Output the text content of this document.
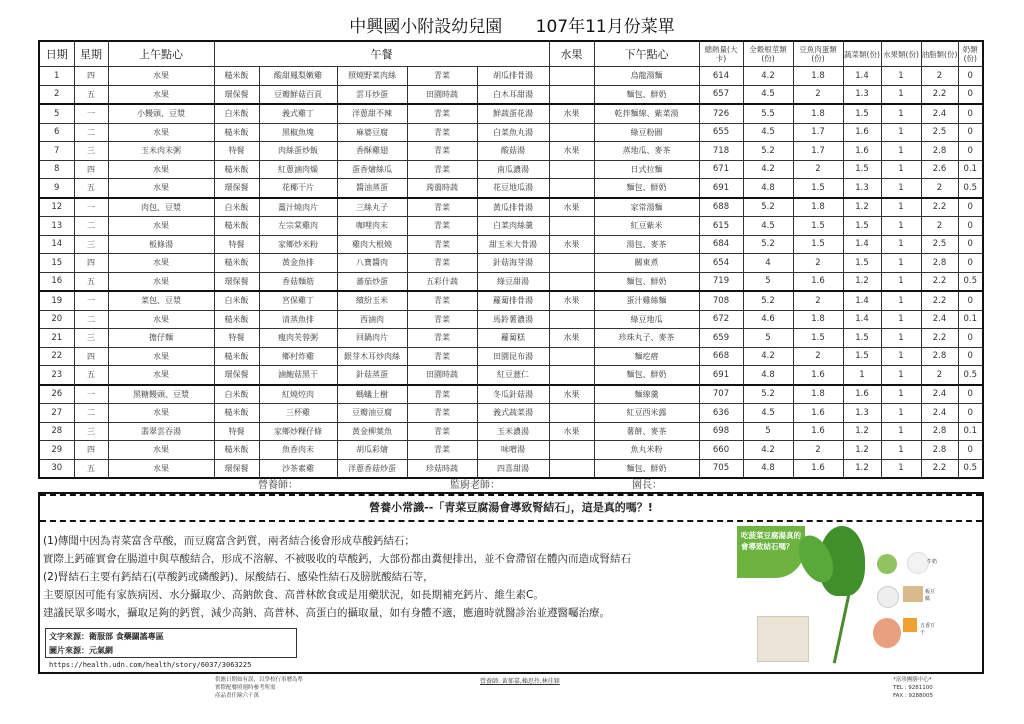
中興國小附設幼兒園 107年11月份菜單
日期	星期	上午點心	午餐					水果	下午點心	總熱量(大卡)	全穀根莖類(份)	豆魚肉蛋類(份)	蔬菜類(份)	水果類(份)	油脂類(份)	奶類(份)
1	四	水果	糙米飯	酸甜鳳梨嫩雞	照燒野菜肉絲	青菜	胡瓜排骨湯		烏龍湯麵	614	4.2	1.8	1.4	1	2	0
2	五	水果	環保餐	豆瓣鮮菇百頁	雲耳炒蛋	田園時蔬	白木耳甜湯		麵包、鮮奶	657	4.5	2	1.3	1	2.2	0
5	一	小饅頭、豆漿	白米飯	義式雞丁	洋蔥甜不辣	青菜	鮮蔬蛋花湯	水果	乾拌麵線、紫菜湯	726	5.5	1.8	1.5	1	2.4	0
6	二	水果	糙米飯	黑椒魚塊	麻婆豆腐	青菜	白菜魚丸湯		綠豆粉圓	655	4.5	1.7	1.6	1	2.5	0
7	三	玉米肉末粥	特餐	肉絲蛋炒飯	香酥雞翅	青菜	酸菇湯	水果	蒸地瓜、麥茶	718	5.2	1.7	1.6	1	2.8	0
8	四	水果	糙米飯	紅蔥滷肉燥	蛋香燴絲瓜	青菜	南瓜濃湯		日式拉麵	671	4.2	2	1.5	1	2.6	0.1
9	五	水果	環保餐	花椰干片	醬油蒸蛋	蒟蒻時蔬	花豆地瓜湯		麵包、鮮奶	691	4.8	1.5	1.3	1	2	0.5
12	一	肉包、豆漿	白米飯	薑汁燒肉片	三絲丸子	青菜	黃瓜排骨湯	水果	家常湯麵	688	5.2	1.8	1.2	1	2.2	0
13	二	水果	糙米飯	左宗棠雞肉	咖哩肉末	青菜	白菜肉絲羹		紅豆紫米	615	4.5	1.5	1.5	1	2	0
14	三	板條湯	特餐	家鄉炒米粉	雞肉大根燒	青菜	甜玉米大骨湯	水果	湯包、麥茶	684	5.2	1.5	1.4	1	2.5	0
15	四	水果	糙米飯	黃金魚排	八寶醬肉	青菜	針菇海芽湯		關東煮	654	4	2	1.5	1	2.8	0
16	五	水果	環保餐	香菇麵筋	蕃茄炒蛋	五彩什蔬	綠豆甜湯		麵包、鮮奶	719	5	1.6	1.2	1	2.2	0.5
19	一	菜包、豆漿	白米飯	宮保雞丁	繽紛玉米	青菜	蘿蔔排骨湯	水果	蛋汁雞絲麵	708	5.2	2	1.4	1	2.2	0
20	二	水果	糙米飯	清蒸魚排	西滷肉	青菜	馬鈴薯濃湯		綠豆地瓜	672	4.6	1.8	1.4	1	2.4	0.1
21	三	擔仔麵	特餐	瘦肉芙蓉粥	回鍋肉片	青菜	蘿蔔糕	水果	珍珠丸子、麥茶	659	5	1.5	1.5	1	2.2	0
22	四	水果	糙米飯	鄉村炸雞	銀芽木耳炒肉絲	青菜	田園昆布湯		麵疙瘩	668	4.2	2	1.5	1	2.8	0
23	五	水果	環保餐	滷鮑菇黑干	針菇蒸蛋	田園時蔬	紅豆薏仁		麵包、鮮奶	691	4.8	1.6	1	1	2	0.5
26	一	黑糖饅頭、豆漿	白米飯	紅燒焢肉	螞蟻上樹	青菜	冬瓜針菇湯	水果	麵線羹	707	5.2	1.8	1.6	1	2.4	0
27	二	水果	糙米飯	三杯雞	豆瓣油豆腐	青菜	義式蔬菜湯		紅豆西米露	636	4.5	1.6	1.3	1	2.4	0
28	三	翡翠雲吞湯	特餐	家鄉炒粿仔條	黃金柳葉魚	青菜	玉米濃湯	水果	薯餅、麥茶	698	5	1.6	1.2	1	2.8	0.1
29	四	水果	糙米飯	魚香肉末	胡瓜彩燴	青菜	味噌湯		魚丸米粉	660	4.2	2	1.2	1	2.8	0
30	五	水果	環保餐	沙茶素雞	洋蔥香菇炒蛋	珍菇時蔬	四喜甜湯		麵包、鮮奶	705	4.8	1.6	1.2	1	2.2	0.5
營養師：	監廚老師：	園長：
營養小常識--「青菜豆腐湯會導致腎結石」，這是真的嗎？!
(1)傳聞中因為青菜富含草酸，而豆腐富含鈣質，兩者結合後會形成草酸鈣結石；
實際上鈣確實會在腸道中與草酸結合，形成不溶解、不被吸收的草酸鈣，大部份都由糞便排出，並不會滯留在體內而造成腎結石
(2)腎結石主要有鈣結石(草酸鈣或磷酸鈣)、尿酸結石、感染性結石及膀胱酸結石等，
主要原因可能有家族病因、水分攝取少、高鈉飲食、高普林飲食或是用藥狀況，如長期補充鈣片、維生素C。
建議民眾多喝水，攝取足夠的鈣質，減少高鈉、高普林、高蛋白的攝取量，如有身體不適，應適時就醫診治並遵醫囑治療。
文字來源：衛服部 食藥闢謠專區
圖片來源：元氣網https://health.udn.com/health/story/6037/3063225
吃菠菜豆腐湯真的會導致結石嗎？
牛奶
板豆腐
五香豆干
供應日期如有誤，以學校行事曆為準
實際配餐照週時參考所需
產品責任險六千萬
營養師: 黃郁嘉,賴思伶,林佳穎	*富珍團膳中心*
TEL : 9281100
FAX : 9288005
